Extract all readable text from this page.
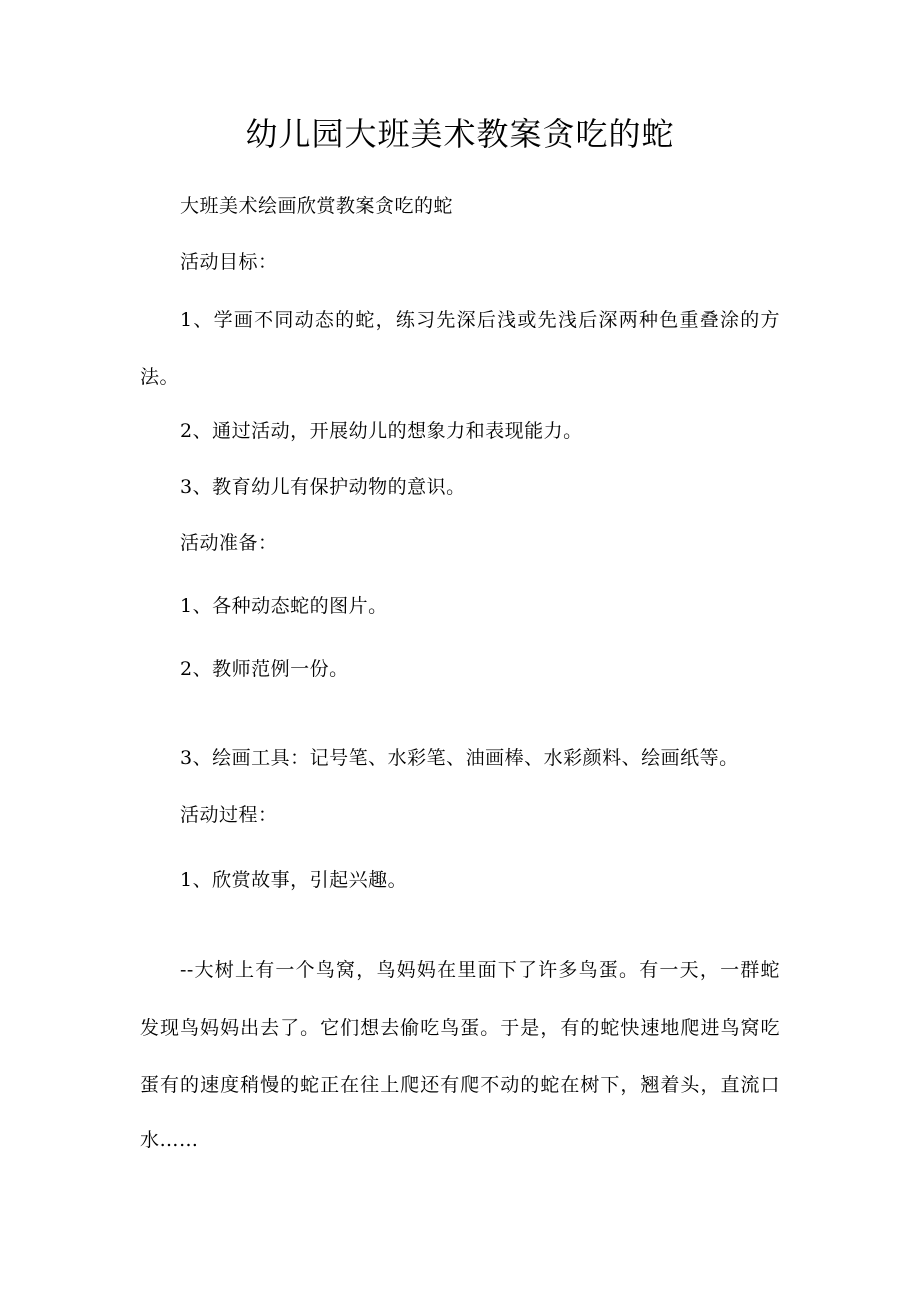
幼儿园大班美术教案贪吃的蛇
大班美术绘画欣赏教案贪吃的蛇
活动目标：
1、学画不同动态的蛇，练习先深后浅或先浅后深两种色重叠涂的方
法。
2、通过活动，开展幼儿的想象力和表现能力。
3、教育幼儿有保护动物的意识。
活动准备：
1、各种动态蛇的图片。
2、教师范例一份。
3、绘画工具：记号笔、水彩笔、油画棒、水彩颜料、绘画纸等。
活动过程：
1、欣赏故事，引起兴趣。
--大树上有一个鸟窝，鸟妈妈在里面下了许多鸟蛋。有一天，一群蛇
发现鸟妈妈出去了。它们想去偷吃鸟蛋。于是，有的蛇快速地爬进鸟窝吃
蛋有的速度稍慢的蛇正在往上爬还有爬不动的蛇在树下，翘着头，直流口
水……
